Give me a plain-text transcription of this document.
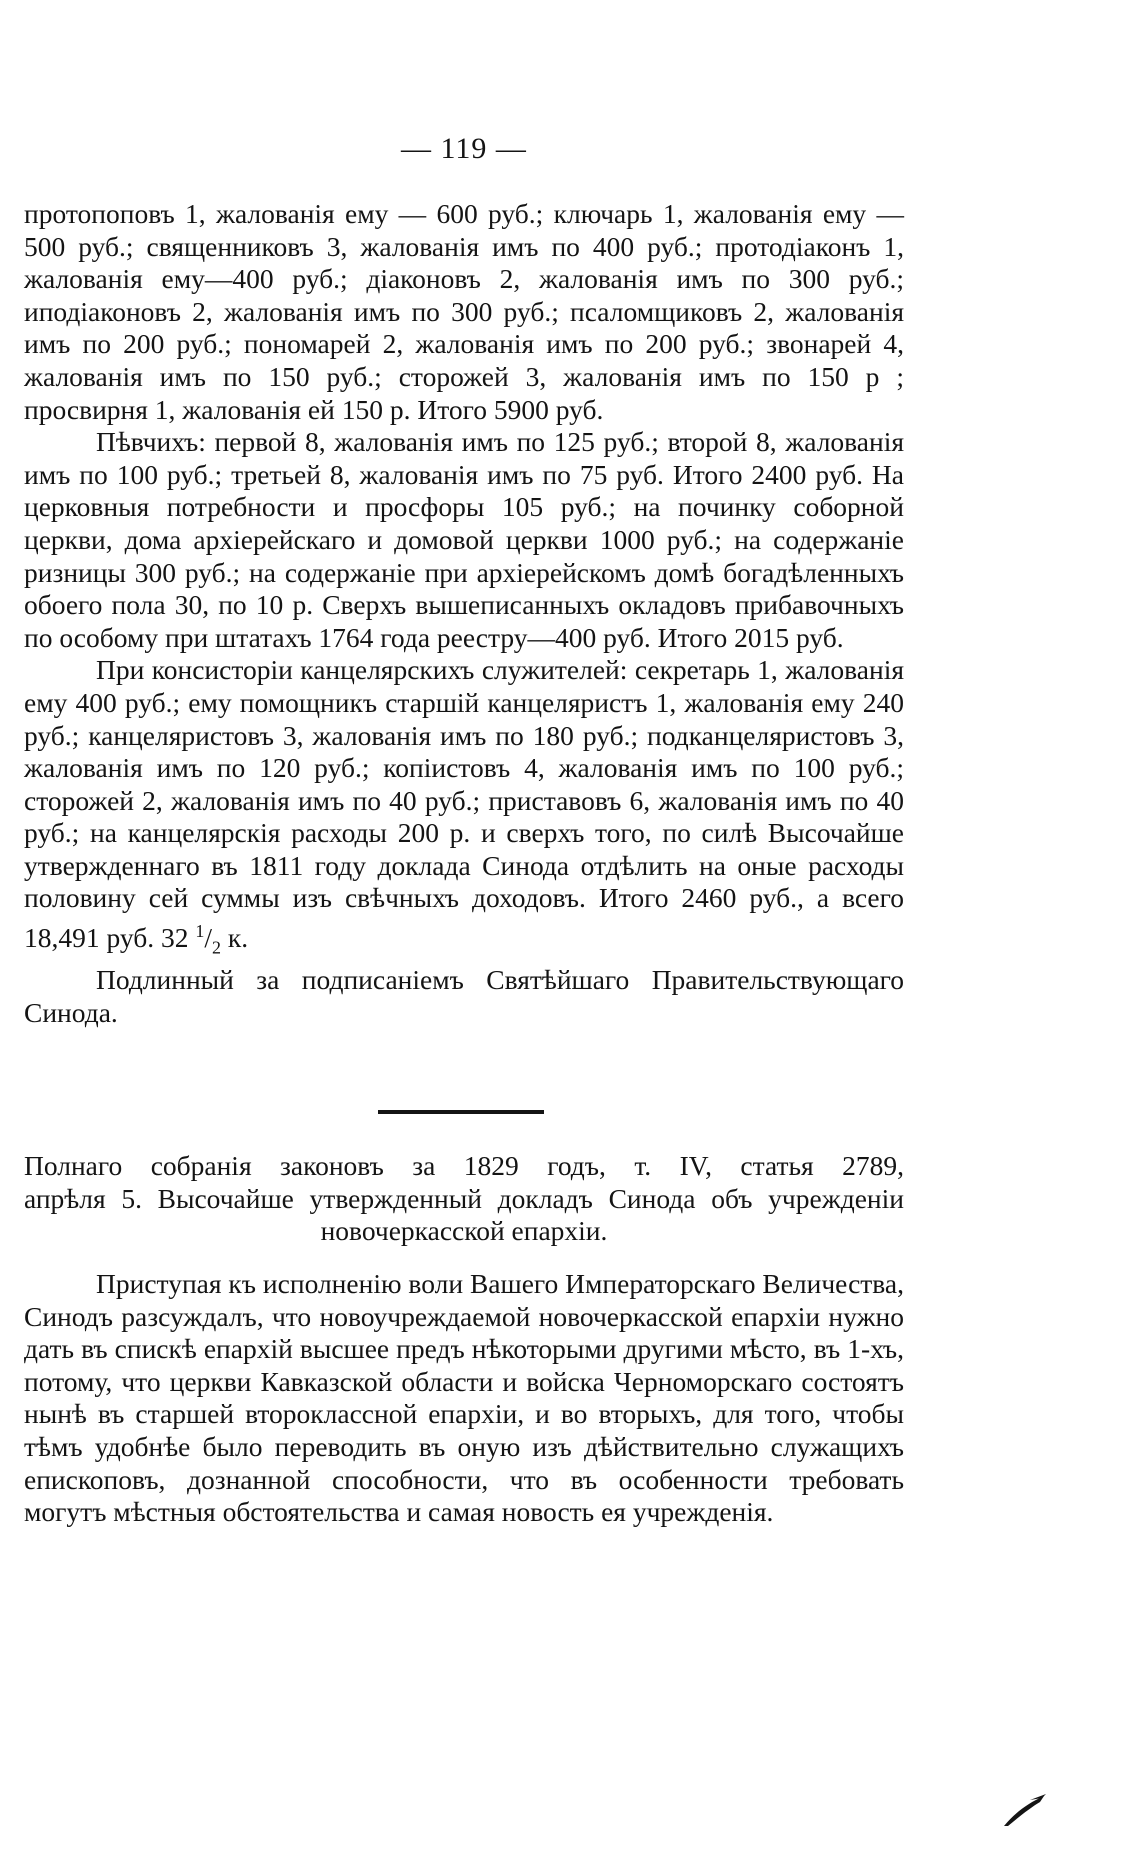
— 119 —

протопоповъ 1, жалованія ему — 600 руб.; ключарь 1, жалованія ему —500 руб.; священниковъ 3, жалованія имъ по 400 руб.; протодіаконъ 1, жалованія ему—400 руб.; діаконовъ 2, жалованія имъ по 300 руб.; иподіаконовъ 2, жалованія имъ по 300 руб.; псаломщиковъ 2, жалованія имъ по 200 руб.; пономарей 2, жалованія имъ по 200 руб.; звонарей 4, жалованія имъ по 150 руб.; сторожей 3, жалованія имъ по 150 р ; просвирня 1, жалованія ей 150 р. Итого 5900 руб.

Пѣвчихъ: первой 8, жалованія имъ по 125 руб.; второй 8, жалованія имъ по 100 руб.; третьей 8, жалованія имъ по 75 руб. Итого 2400 руб. На церковныя потребности и просфоры 105 руб.; на починку соборной церкви, дома архіерейскаго и домовой церкви 1000 руб.; на содержаніе ризницы 300 руб.; на содержаніе при архіерейскомъ домѣ богадѣленныхъ обоего пола 30, по 10 р. Сверхъ вышеписанныхъ окладовъ прибавочныхъ по особому при штатахъ 1764 года реестру—400 руб. Итого 2015 руб.

При консисторіи канцелярскихъ служителей: секретарь 1, жалованія ему 400 руб.; ему помощникъ старшій канцеляристъ 1, жалованія ему 240 руб.; канцеляристовъ 3, жалованія имъ по 180 руб.; подканцеляристовъ 3, жалованія имъ по 120 руб.; копіистовъ 4, жалованія имъ по 100 руб.; сторожей 2, жалованія имъ по 40 руб.; приставовъ 6, жалованія имъ по 40 руб.; на канцелярскія расходы 200 р. и сверхъ того, по силѣ Высочайше утвержденнаго въ 1811 году доклада Синода отдѣлить на оные расходы половину сей суммы изъ свѣчныхъ доходовъ. Итого 2460 руб., а всего 18,491 руб. 32 $^1/_2$ к.

Подлинный за подписаніемъ Святѣйшаго Правительствующаго Синода.

Полнаго собранія законовъ за 1829 годъ, т. IV, статья 2789,
апрѣля 5. Высочайше утвержденный докладъ Синода объ учрежденіи
новочеркасской епархіи.

Приступая къ исполненію воли Вашего Императорскаго Величества, Синодъ разсуждалъ, что новоучреждаемой новочеркасской епархіи нужно дать въ спискѣ епархій высшее предъ нѣкоторыми другими мѣсто, въ 1-хъ, потому, что церкви Кавказской области и войска Черноморскаго состоятъ нынѣ въ старшей второклассной епархіи, и во вторыхъ, для того, чтобы тѣмъ удобнѣе было переводить въ оную изъ дѣйствительно служащихъ епископовъ, дознанной способности, что въ особенности требовать могутъ мѣстныя обстоятельства и самая новость ея учрежденія.
